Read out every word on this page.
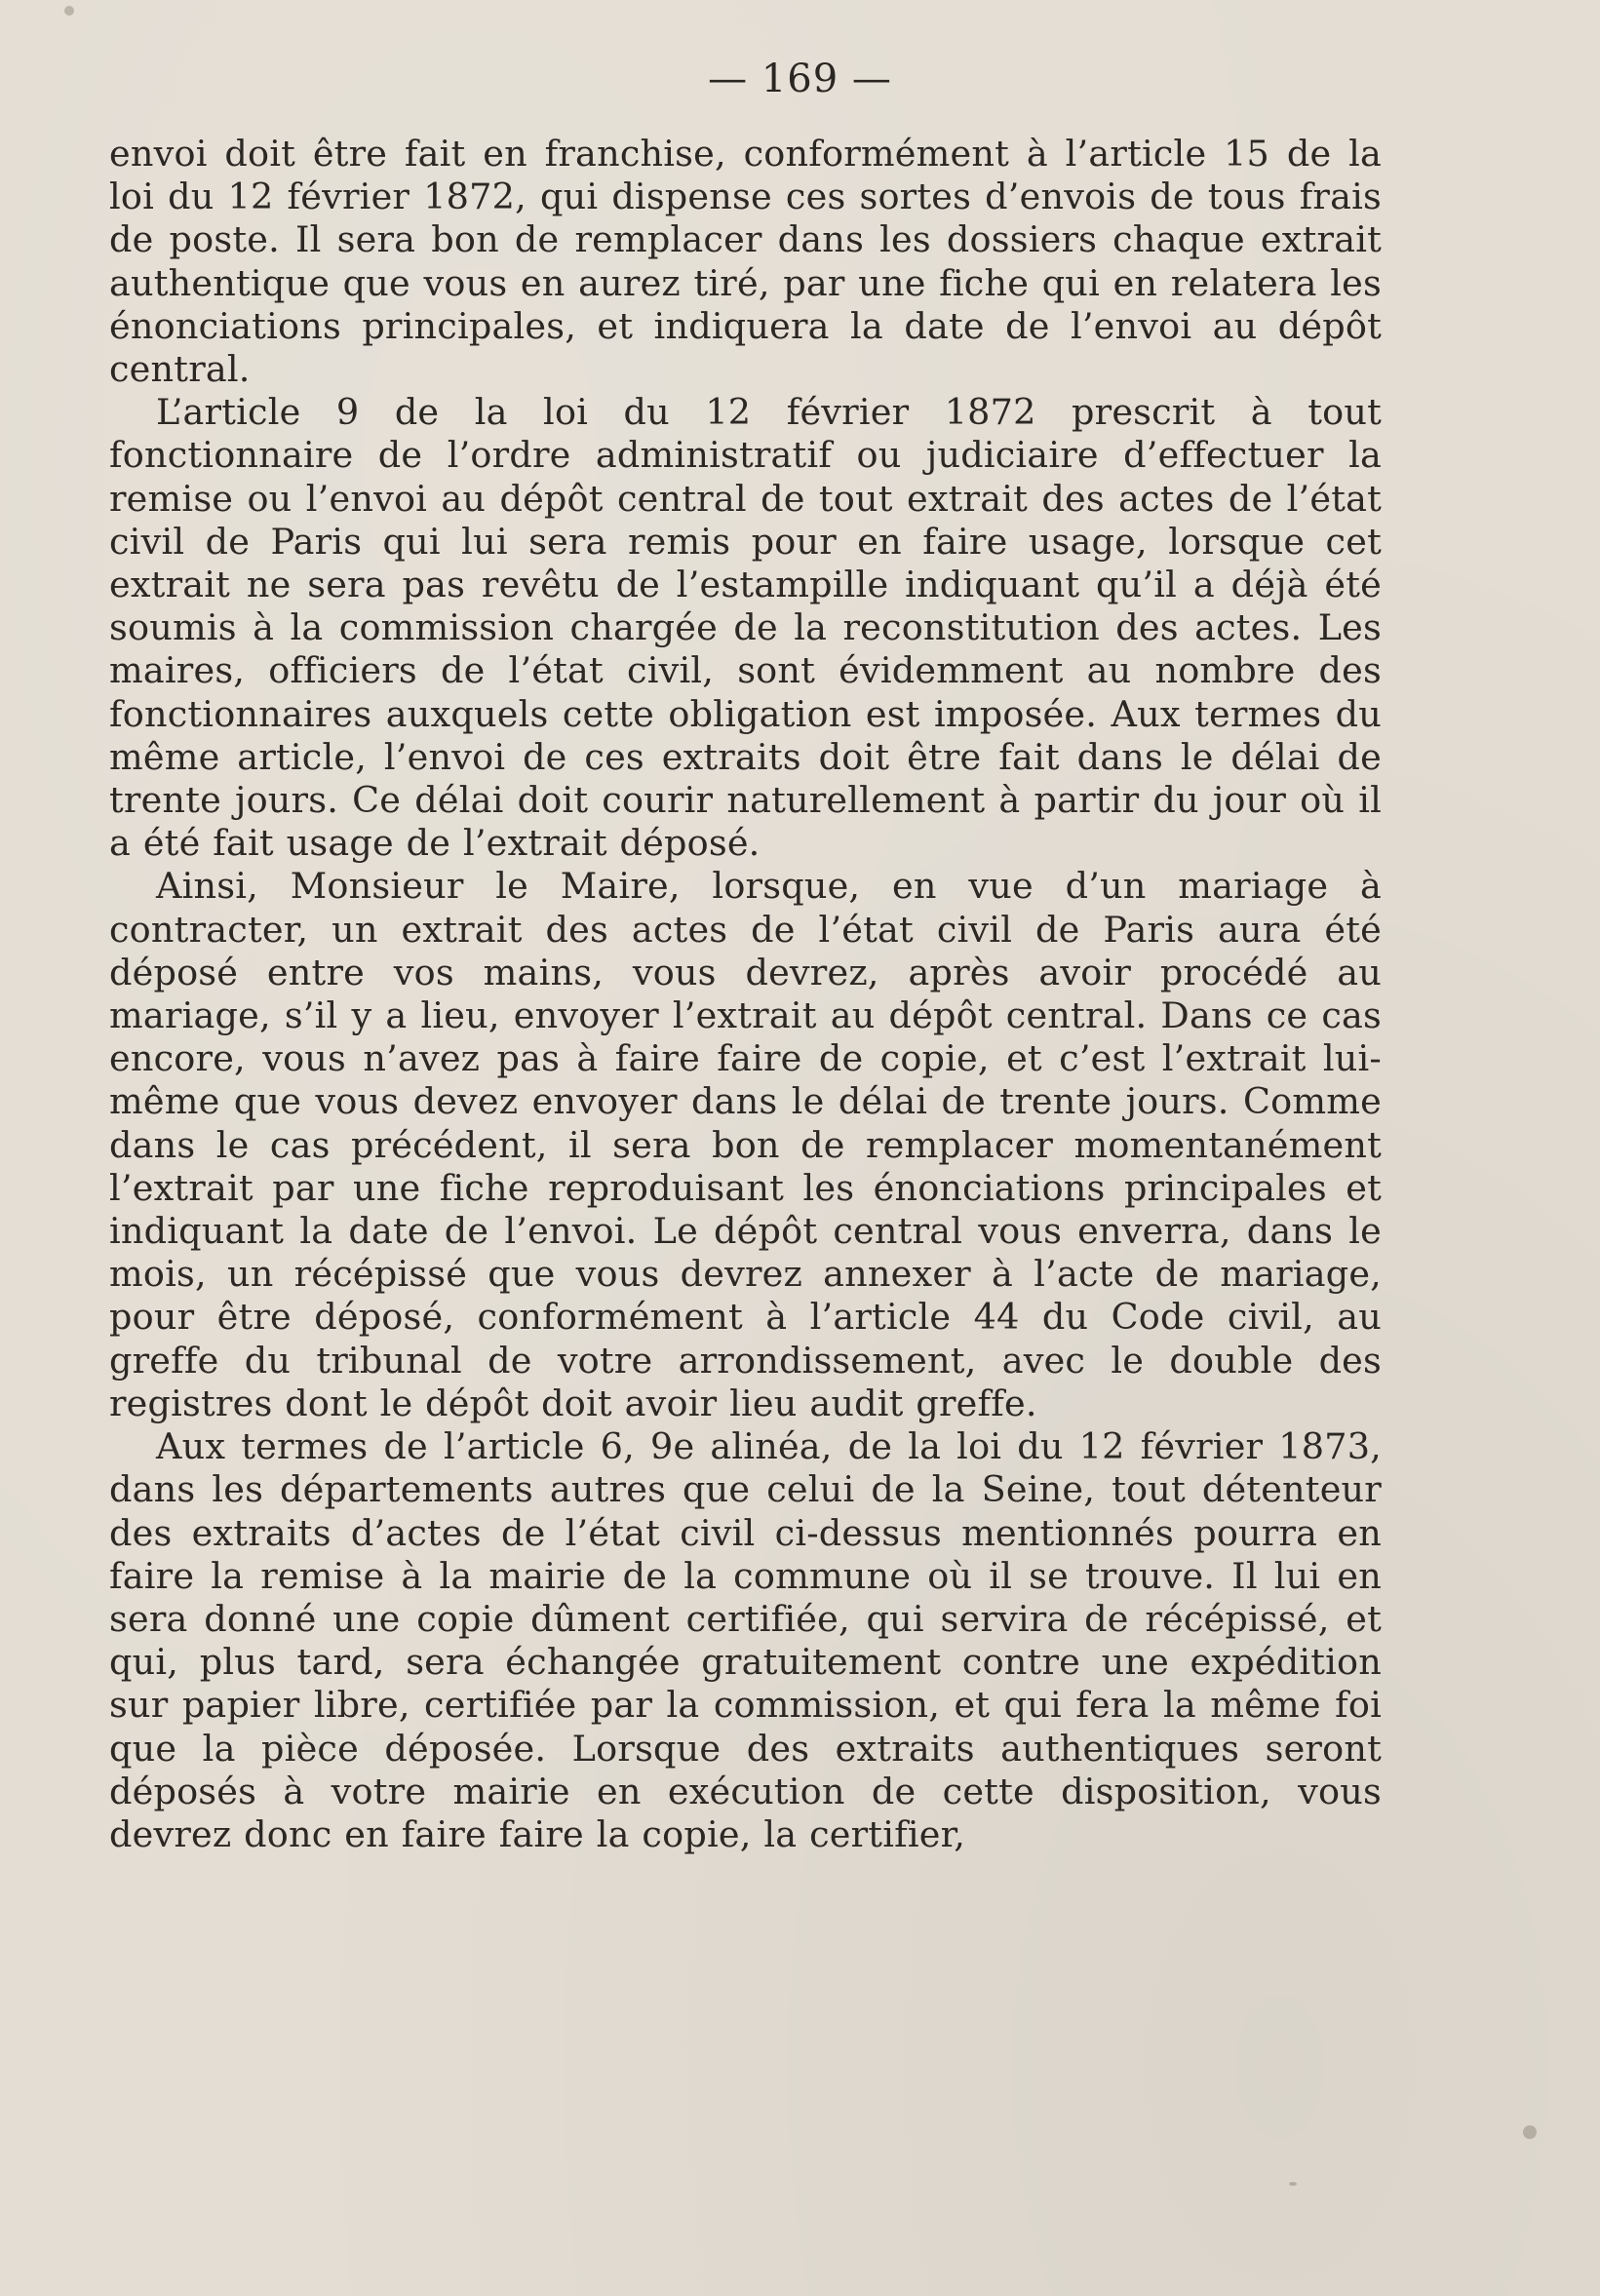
— 169 —

envoi doit être fait en franchise, conformément à l’article 15 de la loi du 12 février 1872, qui dispense ces sortes d’envois de tous frais de poste. Il sera bon de remplacer dans les dossiers chaque extrait authentique que vous en aurez tiré, par une fiche qui en relatera les énonciations principales, et indiquera la date de l’envoi au dépôt central.

L’article 9 de la loi du 12 février 1872 prescrit à tout fonctionnaire de l’ordre administratif ou judiciaire d’effectuer la remise ou l’envoi au dépôt central de tout extrait des actes de l’état civil de Paris qui lui sera remis pour en faire usage, lorsque cet extrait ne sera pas revêtu de l’estampille indiquant qu’il a déjà été soumis à la commission chargée de la reconstitution des actes. Les maires, officiers de l’état civil, sont évidemment au nombre des fonctionnaires auxquels cette obligation est imposée. Aux termes du même article, l’envoi de ces extraits doit être fait dans le délai de trente jours. Ce délai doit courir naturellement à partir du jour où il a été fait usage de l’extrait déposé.

Ainsi, Monsieur le Maire, lorsque, en vue d’un mariage à contracter, un extrait des actes de l’état civil de Paris aura été déposé entre vos mains, vous devrez, après avoir procédé au mariage, s’il y a lieu, envoyer l’extrait au dépôt central. Dans ce cas encore, vous n’avez pas à faire faire de copie, et c’est l’extrait lui-même que vous devez envoyer dans le délai de trente jours. Comme dans le cas précédent, il sera bon de remplacer momentanément l’extrait par une fiche reproduisant les énonciations principales et indiquant la date de l’envoi. Le dépôt central vous enverra, dans le mois, un récépissé que vous devrez annexer à l’acte de mariage, pour être déposé, conformément à l’article 44 du Code civil, au greffe du tribunal de votre arrondissement, avec le double des registres dont le dépôt doit avoir lieu audit greffe.

Aux termes de l’article 6, 9e alinéa, de la loi du 12 février 1873, dans les départements autres que celui de la Seine, tout détenteur des extraits d’actes de l’état civil ci-dessus mentionnés pourra en faire la remise à la mairie de la commune où il se trouve. Il lui en sera donné une copie dûment certifiée, qui servira de récépissé, et qui, plus tard, sera échangée gratuitement contre une expédition sur papier libre, certifiée par la commission, et qui fera la même foi que la pièce déposée. Lorsque des extraits authentiques seront déposés à votre mairie en exécution de cette disposition, vous devrez donc en faire faire la copie, la certifier,
